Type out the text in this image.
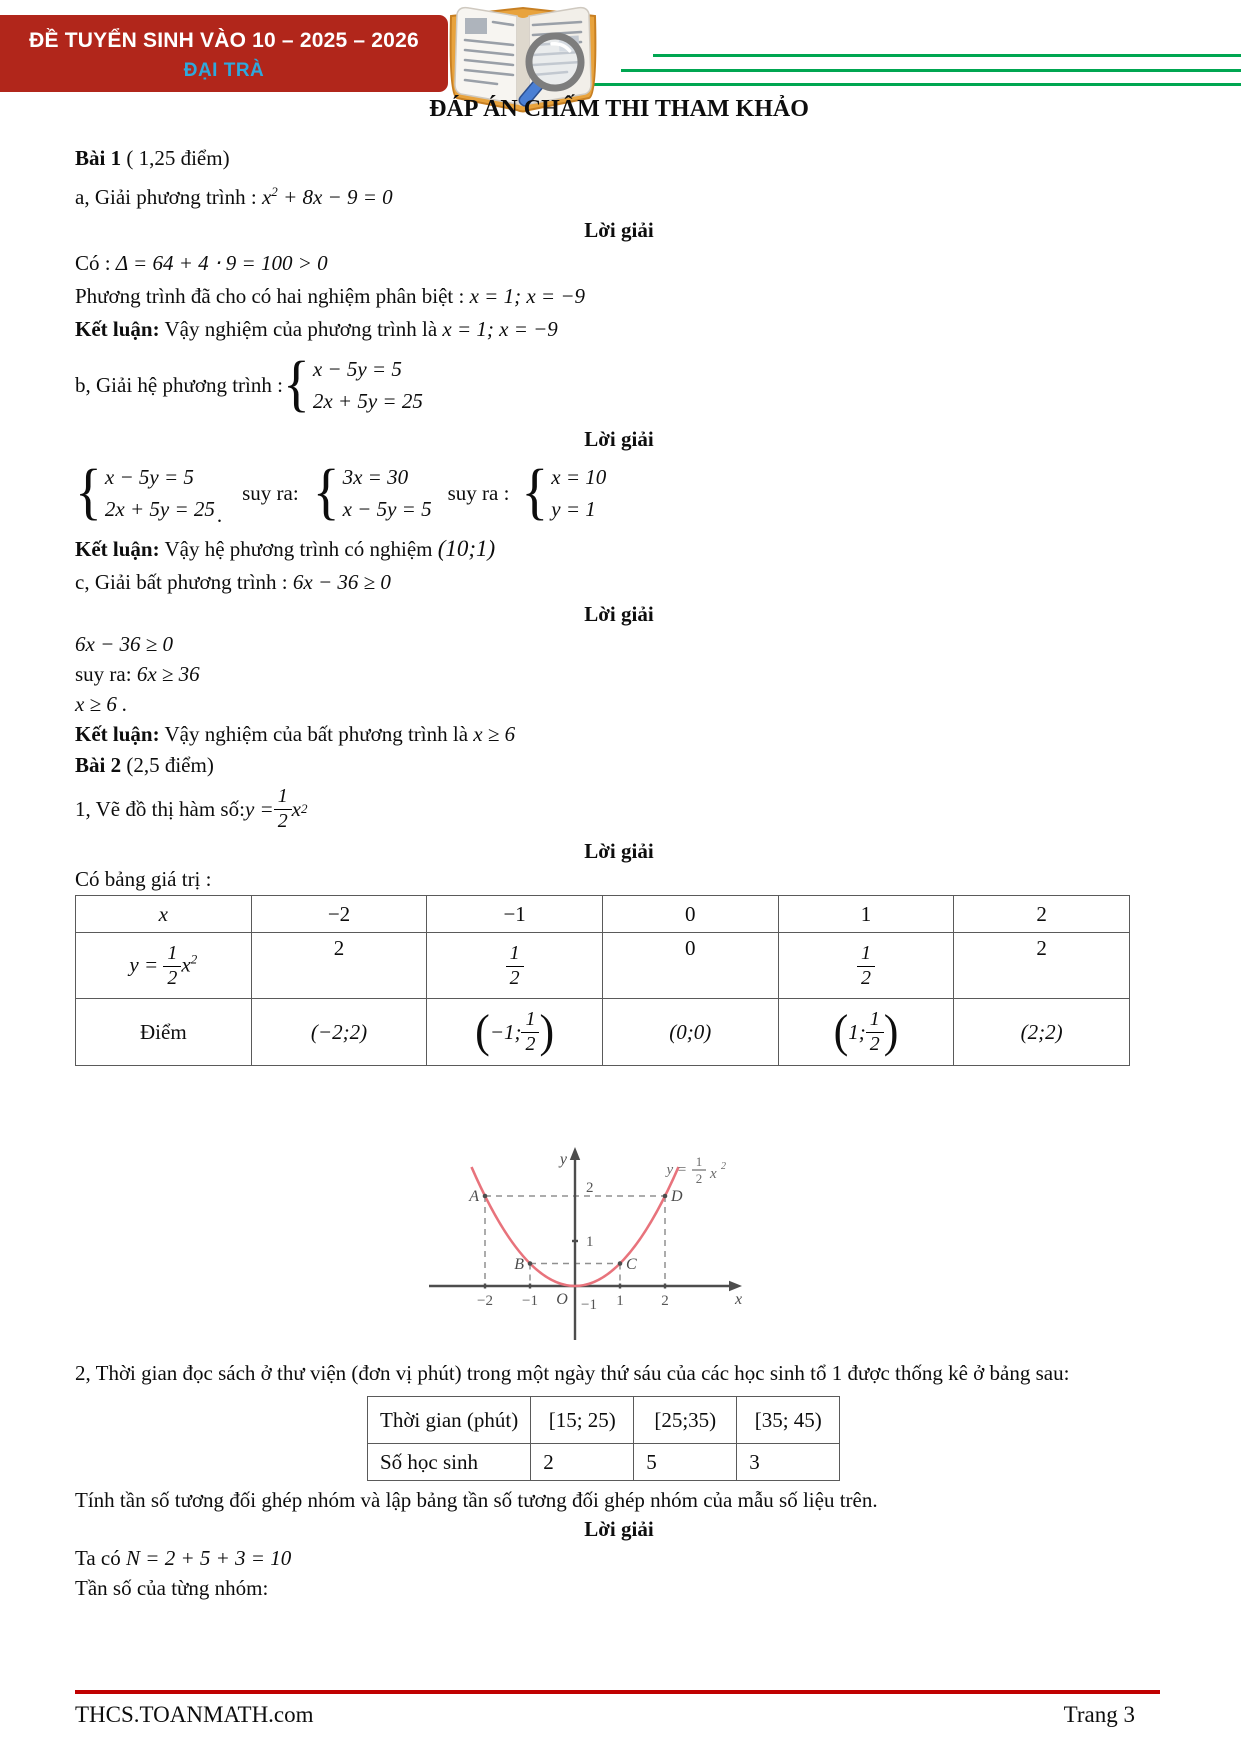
ĐỀ TUYỂN SINH VÀO 10 – 2025 – 2026
ĐẠI TRÀ
ĐÁP ÁN CHẤM THI THAM KHẢO

Bài 1 ( 1,25 điểm)

a, Giải phương trình : $x^2 + 8x - 9 = 0$

Lời giải

Có : Δ = 64 + 4 ⋅ 9 = 100 > 0

Phương trình đã cho có hai nghiệm phân biệt : x = 1; x = −9

Kết luận: Vậy nghiệm của phương trình là x = 1; x = −9

b, Giải hệ phương trình : { x − 5y = 5
2x + 5y = 25

Lời giải

{ x − 5y = 5
2x + 5y = 25 .
suy ra: { 3x = 30
x − 5y = 5
suy ra : { x = 10
y = 1

Kết luận: Vậy hệ phương trình có nghiệm (10;1)

c, Giải bất phương trình : 6x − 36 ≥ 0

Lời giải

6x − 36 ≥ 0

suy ra: 6x ≥ 36

x ≥ 6 .

Kết luận: Vậy nghiệm của bất phương trình là x ≥ 6

Bài 2 (2,5 điểm)

1, Vẽ đồ thị hàm số: $y = \frac{1}{2}$ x 2

Lời giải

Có bảng giá trị :

x	−2	−1	0	1	2
$y = \frac{1}{2} x^2$	2	$\frac{1}{2}$	0	$\frac{1}{2}$	2
Điểm	(−2;2)	( −1; $\frac{1}{2}$ )	(0;0)	( 1; $\frac{1}{2}$ )	(2;2)
y
x
O
2
1
−1
−2 −1	1	2
A	D
B	C
y =
1
2 x 2

2, Thời gian đọc sách ở thư viện (đơn vị phút) trong một ngày thứ sáu của các học sinh tổ 1 được thống kê ở bảng sau:

Thời gian (phút)	[15; 25)	[25;35)	[35; 45)
Số học sinh	2	5	3

Tính tần số tương đối ghép nhóm và lập bảng tần số tương đối ghép nhóm của mẫu số liệu trên.

Lời giải

Ta có N = 2 + 5 + 3 = 10

Tần số của từng nhóm:

THCS.TOANMATH.com	Trang 3
